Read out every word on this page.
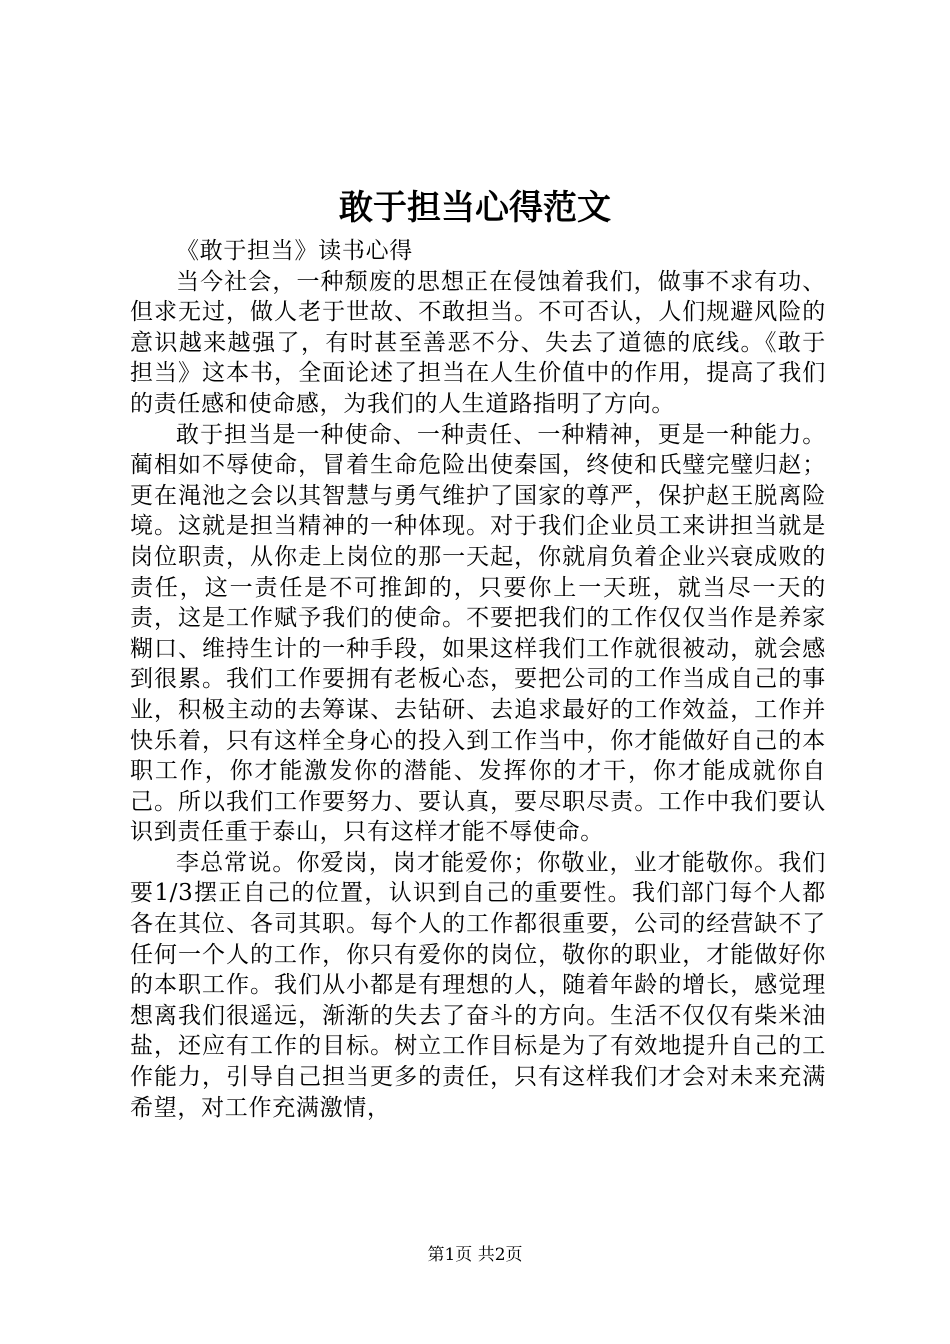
敢于担当心得范文

《敢于担当》读书心得

当今社会，一种颓废的思想正在侵蚀着我们，做事不求有功、但求无过，做人老于世故、不敢担当。不可否认，人们规避风险的意识越来越强了，有时甚至善恶不分、失去了道德的底线。《敢于担当》这本书，全面论述了担当在人生价值中的作用，提高了我们的责任感和使命感，为我们的人生道路指明了方向。

敢于担当是一种使命、一种责任、一种精神，更是一种能力。蔺相如不辱使命，冒着生命危险出使秦国，终使和氏璧完璧归赵；更在渑池之会以其智慧与勇气维护了国家的尊严，保护赵王脱离险境。这就是担当精神的一种体现。对于我们企业员工来讲担当就是岗位职责，从你走上岗位的那一天起，你就肩负着企业兴衰成败的责任，这一责任是不可推卸的，只要你上一天班，就当尽一天的责，这是工作赋予我们的使命。不要把我们的工作仅仅当作是养家糊口、维持生计的一种手段，如果这样我们工作就很被动，就会感到很累。我们工作要拥有老板心态，要把公司的工作当成自己的事业，积极主动的去筹谋、去钻研、去追求最好的工作效益，工作并快乐着，只有这样全身心的投入到工作当中，你才能做好自己的本职工作，你才能激发你的潜能、发挥你的才干，你才能成就你自己。所以我们工作要努力、要认真，要尽职尽责。工作中我们要认识到责任重于泰山，只有这样才能不辱使命。

李总常说。你爱岗，岗才能爱你；你敬业，业才能敬你。我们要1/3摆正自己的位置，认识到自己的重要性。我们部门每个人都各在其位、各司其职。每个人的工作都很重要，公司的经营缺不了任何一个人的工作，你只有爱你的岗位，敬你的职业，才能做好你的本职工作。我们从小都是有理想的人，随着年龄的增长，感觉理想离我们很遥远，渐渐的失去了奋斗的方向。生活不仅仅有柴米油盐，还应有工作的目标。树立工作目标是为了有效地提升自己的工作能力，引导自己担当更多的责任，只有这样我们才会对未来充满希望，对工作充满激情，

第1页 共2页
